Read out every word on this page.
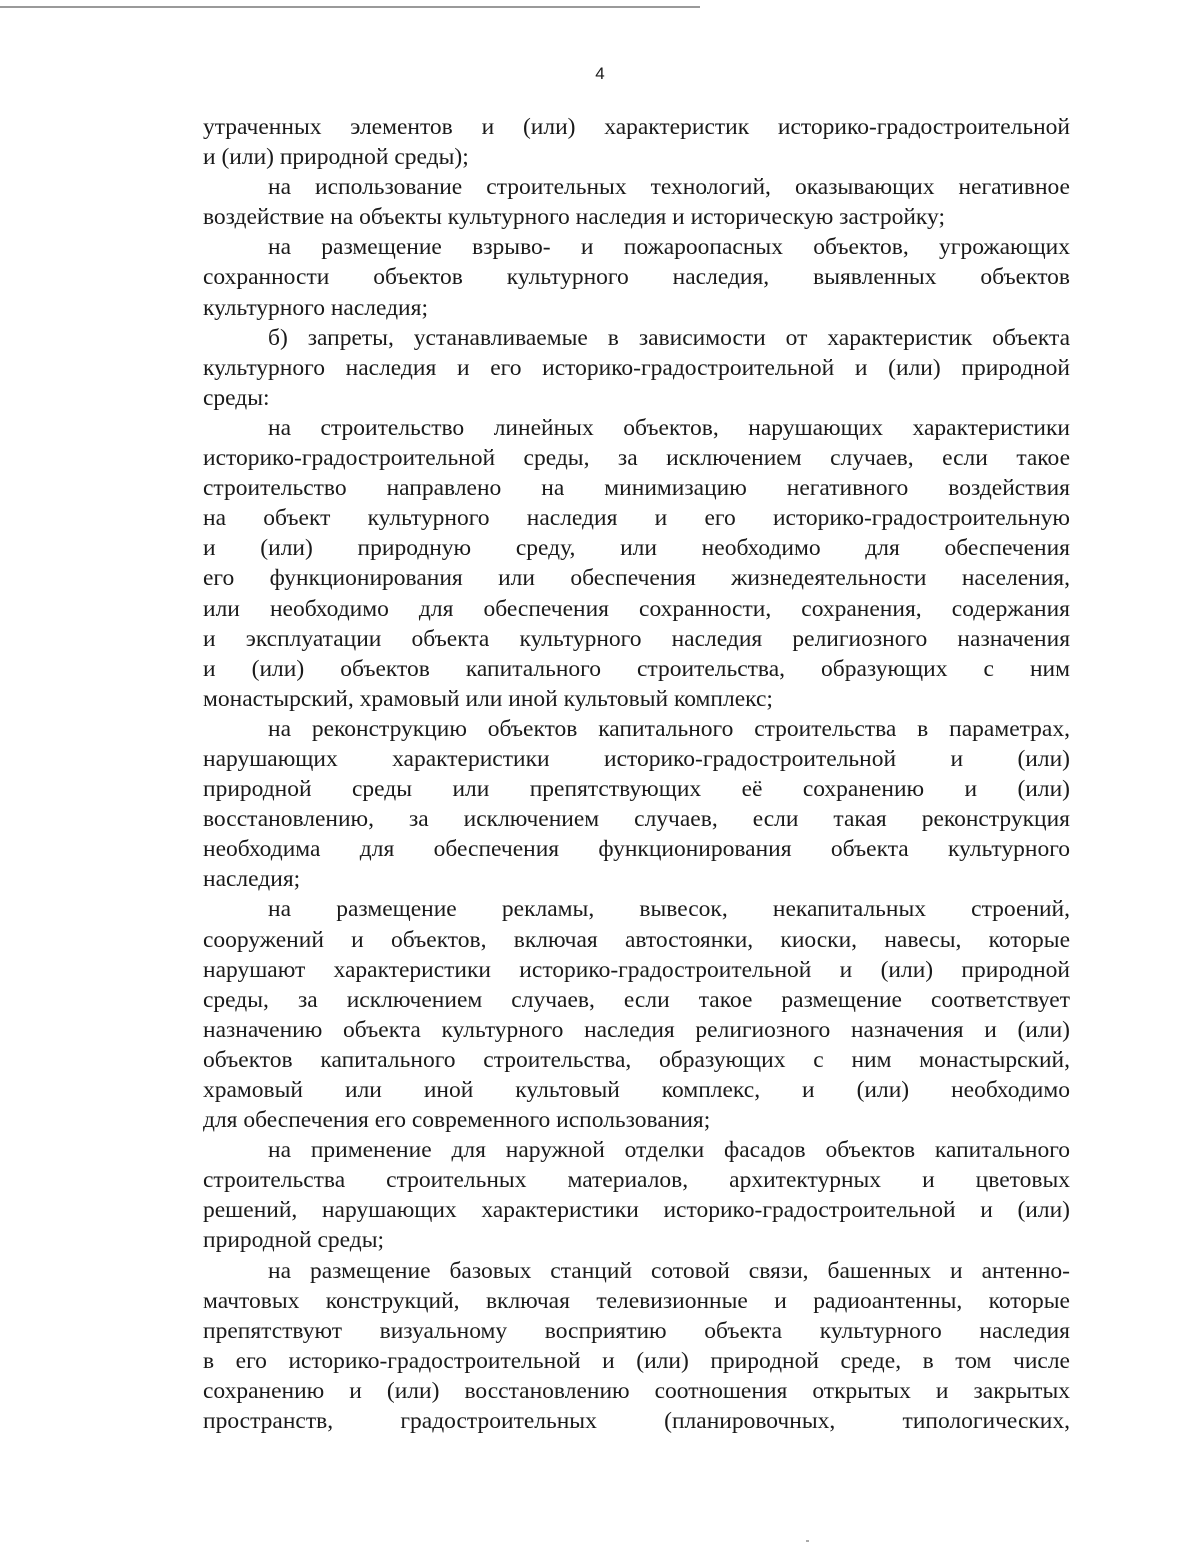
4
утраченных элементов и (или) характеристик историко-градостроительной
и (или) природной среды);
на использование строительных технологий, оказывающих негативное
воздействие на объекты культурного наследия и историческую застройку;
на размещение взрыво- и пожароопасных объектов, угрожающих
сохранности объектов культурного наследия, выявленных объектов
культурного наследия;
б) запреты, устанавливаемые в зависимости от характеристик объекта
культурного наследия и его историко-градостроительной и (или) природной
среды:
на строительство линейных объектов, нарушающих характеристики
историко-градостроительной среды, за исключением случаев, если такое
строительство направлено на минимизацию негативного воздействия
на объект культурного наследия и его историко-градостроительную
и (или) природную среду, или необходимо для обеспечения
его функционирования или обеспечения жизнедеятельности населения,
или необходимо для обеспечения сохранности, сохранения, содержания
и эксплуатации объекта культурного наследия религиозного назначения
и (или) объектов капитального строительства, образующих с ним
монастырский, храмовый или иной культовый комплекс;
на реконструкцию объектов капитального строительства в параметрах,
нарушающих характеристики историко-градостроительной и (или)
природной среды или препятствующих её сохранению и (или)
восстановлению, за исключением случаев, если такая реконструкция
необходима для обеспечения функционирования объекта культурного
наследия;
на размещение рекламы, вывесок, некапитальных строений,
сооружений и объектов, включая автостоянки, киоски, навесы, которые
нарушают характеристики историко-градостроительной и (или) природной
среды, за исключением случаев, если такое размещение соответствует
назначению объекта культурного наследия религиозного назначения и (или)
объектов капитального строительства, образующих с ним монастырский,
храмовый или иной культовый комплекс, и (или) необходимо
для обеспечения его современного использования;
на применение для наружной отделки фасадов объектов капитального
строительства строительных материалов, архитектурных и цветовых
решений, нарушающих характеристики историко-градостроительной и (или)
природной среды;
на размещение базовых станций сотовой связи, башенных и антенно-
мачтовых конструкций, включая телевизионные и радиоантенны, которые
препятствуют визуальному восприятию объекта культурного наследия
в его историко-градостроительной и (или) природной среде, в том числе
сохранению и (или) восстановлению соотношения открытых и закрытых
пространств, градостроительных (планировочных, типологических,
